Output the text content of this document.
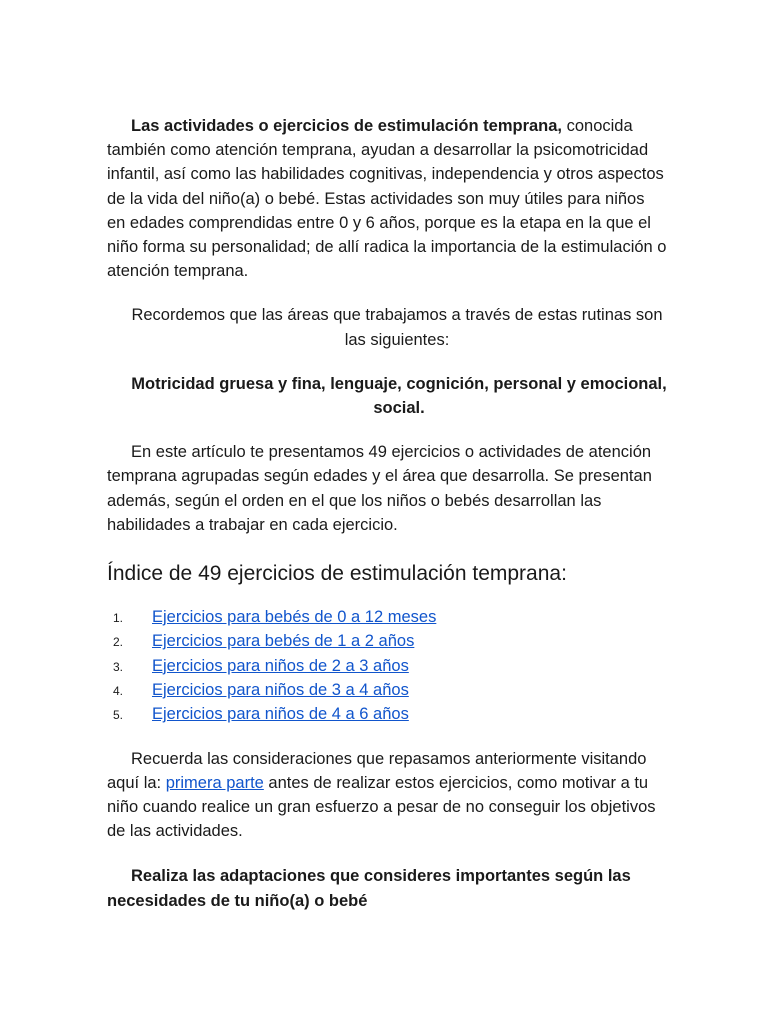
Las actividades o ejercicios de estimulación temprana, conocida también como atención temprana, ayudan a desarrollar la psicomotricidad infantil, así como las habilidades cognitivas, independencia y otros aspectos de la vida del niño(a) o bebé. Estas actividades son muy útiles para niños en edades comprendidas entre 0 y 6 años, porque es la etapa en la que el niño forma su personalidad; de allí radica la importancia de la estimulación o atención temprana.

Recordemos que las áreas que trabajamos a través de estas rutinas son las siguientes:

Motricidad gruesa y fina, lenguaje, cognición, personal y emocional, social.

En este artículo te presentamos 49 ejercicios o actividades de atención temprana agrupadas según edades y el área que desarrolla. Se presentan además, según el orden en el que los niños o bebés desarrollan las habilidades a trabajar en cada ejercicio.

Índice de 49 ejercicios de estimulación temprana:
1. Ejercicios para bebés de 0 a 12 meses
2. Ejercicios para bebés de 1 a 2 años
3. Ejercicios para niños de 2 a 3 años
4. Ejercicios para niños de 3 a 4 años
5. Ejercicios para niños de 4 a 6 años

Recuerda las consideraciones que repasamos anteriormente visitando aquí la: primera parte antes de realizar estos ejercicios, como motivar a tu niño cuando realice un gran esfuerzo a pesar de no conseguir los objetivos de las actividades.

Realiza las adaptaciones que consideres importantes según las necesidades de tu niño(a) o bebé
